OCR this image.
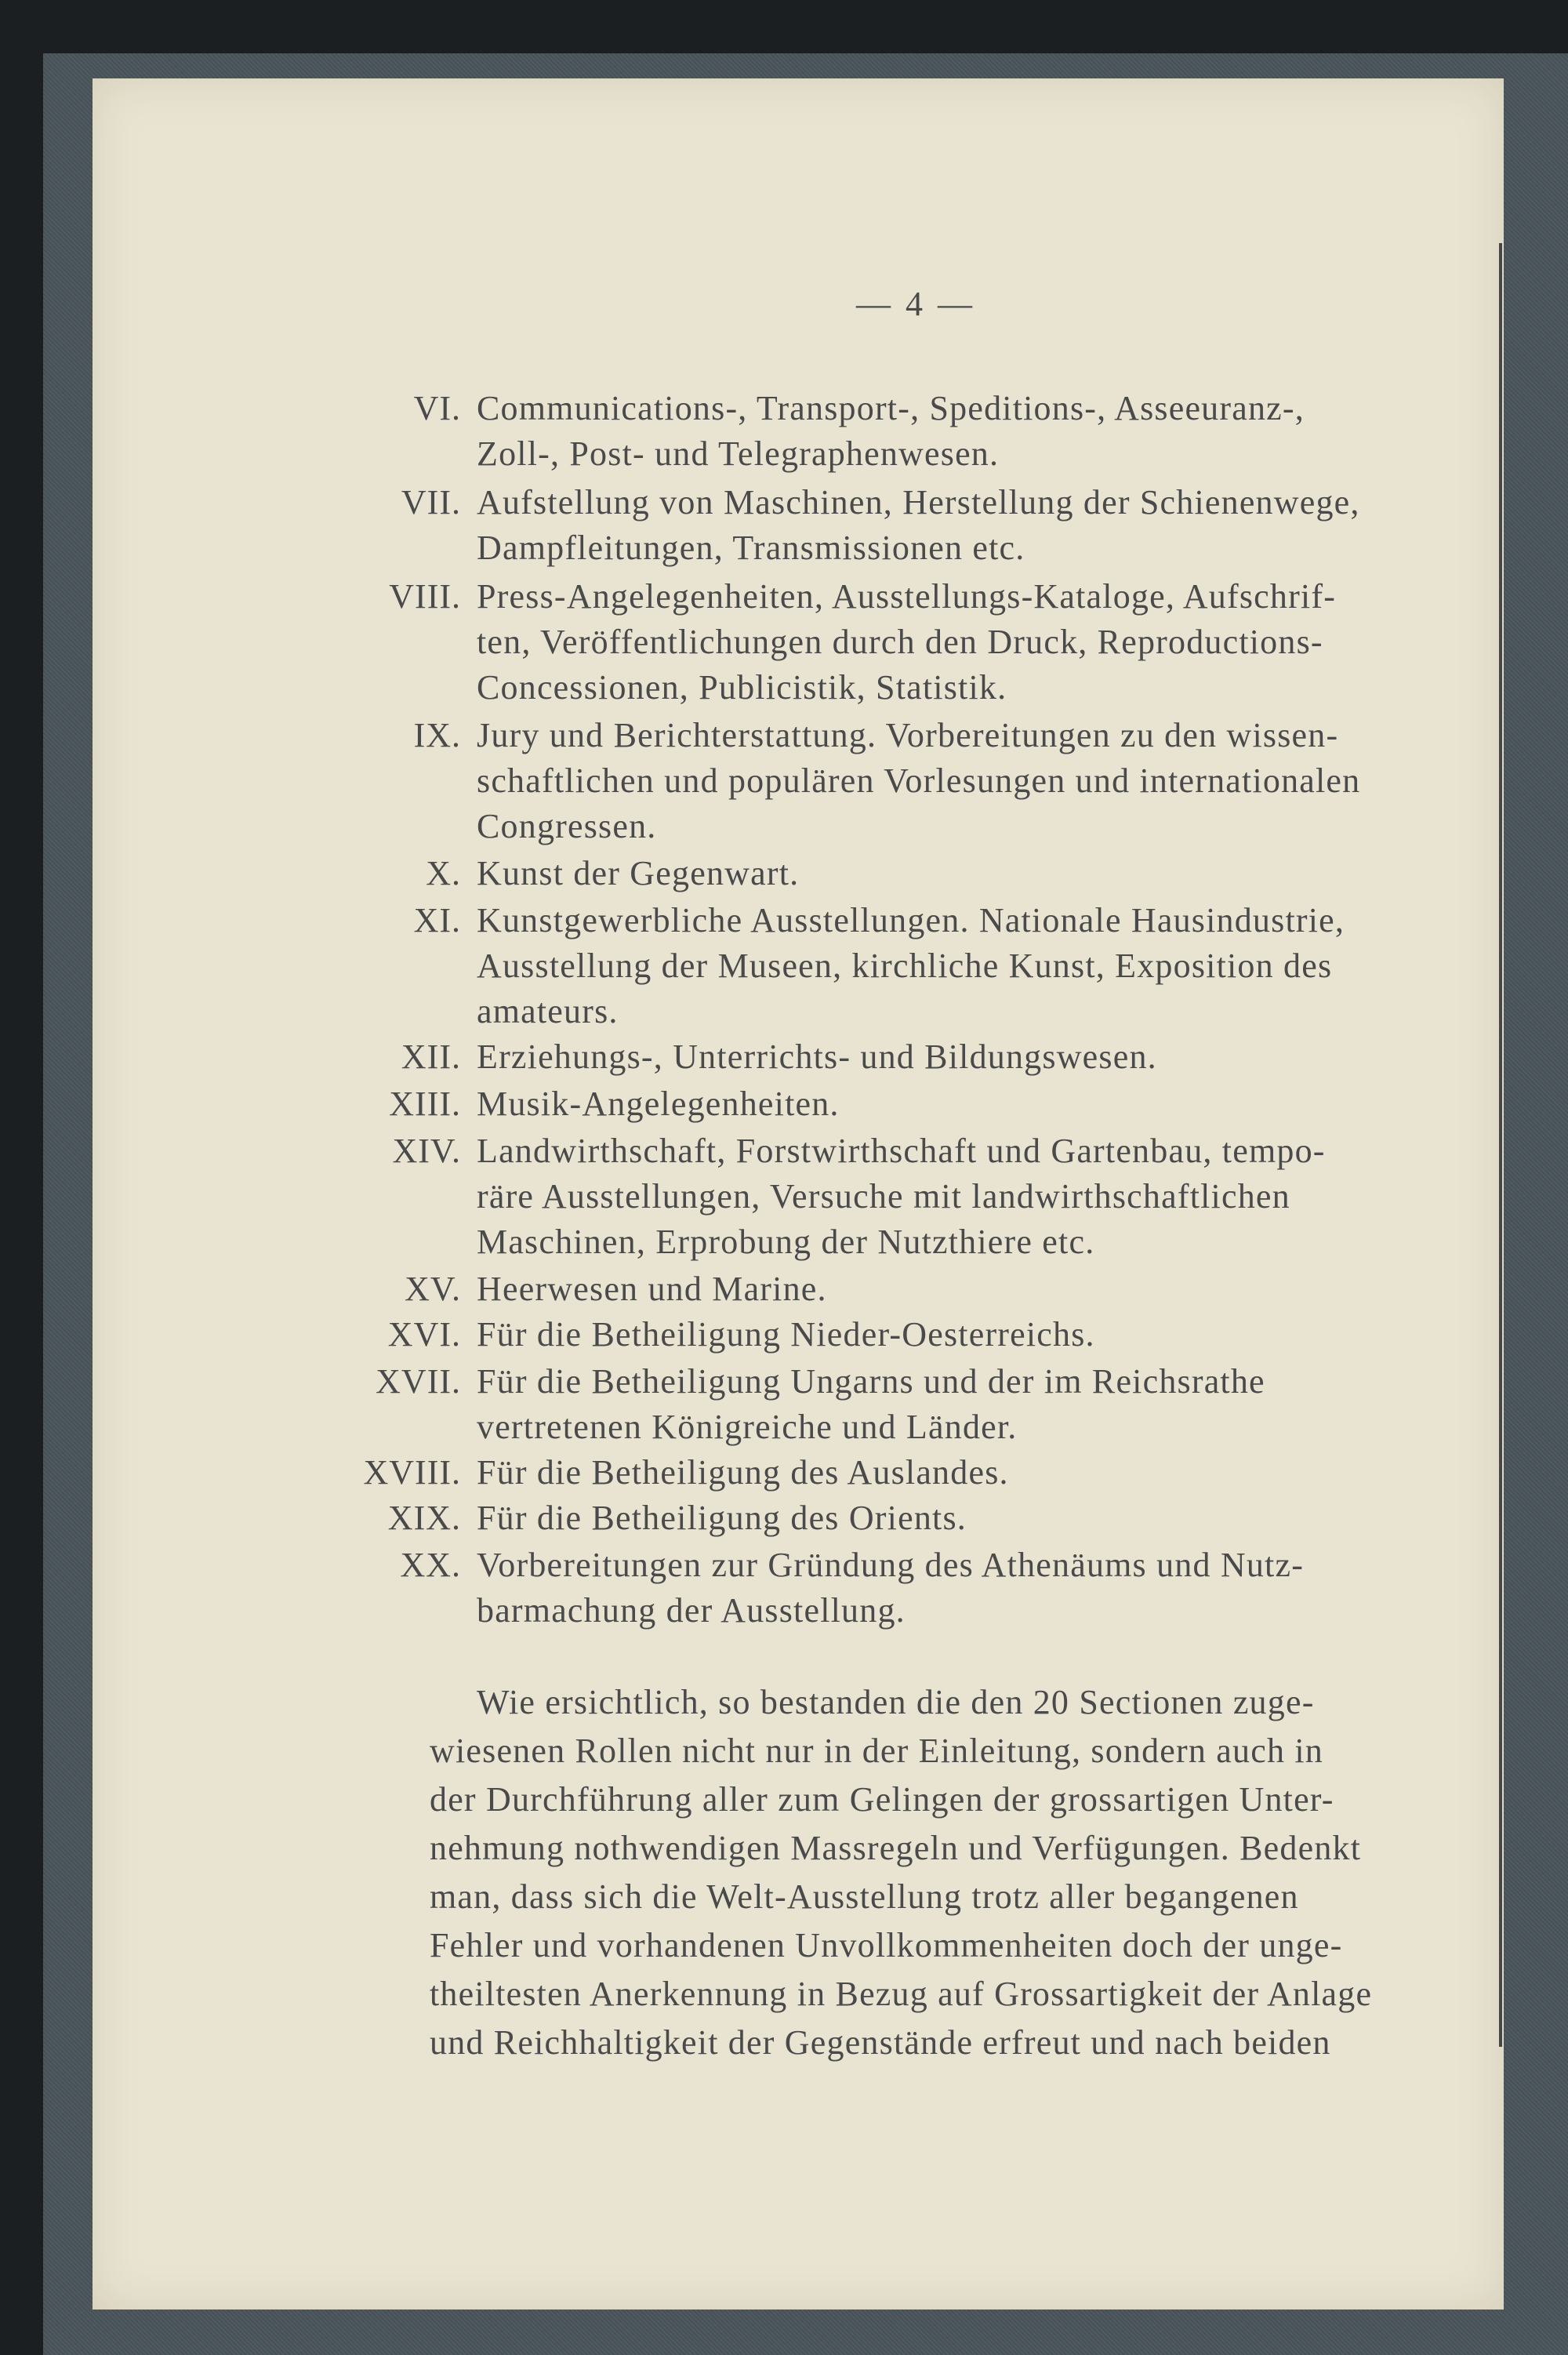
— 4 —
VI. Communications-, Transport-, Speditions-, Asseeuranz-,
Zoll-, Post- und Telegraphenwesen.
VII. Aufstellung von Maschinen, Herstellung der Schienenwege,
Dampfleitungen, Transmissionen etc.
VIII. Press-Angelegenheiten, Ausstellungs-Kataloge, Aufschrif-
ten, Veröffentlichungen durch den Druck, Reproductions-
Concessionen, Publicistik, Statistik.
IX. Jury und Berichterstattung. Vorbereitungen zu den wissen-
schaftlichen und populären Vorlesungen und internationalen
Congressen.
X. Kunst der Gegenwart.
XI. Kunstgewerbliche Ausstellungen. Nationale Hausindustrie,
Ausstellung der Museen, kirchliche Kunst, Exposition des
amateurs.
XII. Erziehungs-, Unterrichts- und Bildungswesen.
XIII. Musik-Angelegenheiten.
XIV. Landwirthschaft, Forstwirthschaft und Gartenbau, tempo-
räre Ausstellungen, Versuche mit landwirthschaftlichen
Maschinen, Erprobung der Nutzthiere etc.
XV. Heerwesen und Marine.
XVI. Für die Betheiligung Nieder-Oesterreichs.
XVII. Für die Betheiligung Ungarns und der im Reichsrathe
vertretenen Königreiche und Länder.
XVIII. Für die Betheiligung des Auslandes.
XIX. Für die Betheiligung des Orients.
XX. Vorbereitungen zur Gründung des Athenäums und Nutz-
barmachung der Ausstellung.
Wie ersichtlich, so bestanden die den 20 Sectionen zuge-
wiesenen Rollen nicht nur in der Einleitung, sondern auch in
der Durchführung aller zum Gelingen der grossartigen Unter-
nehmung nothwendigen Massregeln und Verfügungen. Bedenkt
man, dass sich die Welt-Ausstellung trotz aller begangenen
Fehler und vorhandenen Unvollkommenheiten doch der unge-
theiltesten Anerkennung in Bezug auf Grossartigkeit der Anlage
und Reichhaltigkeit der Gegenstände erfreut und nach beiden
